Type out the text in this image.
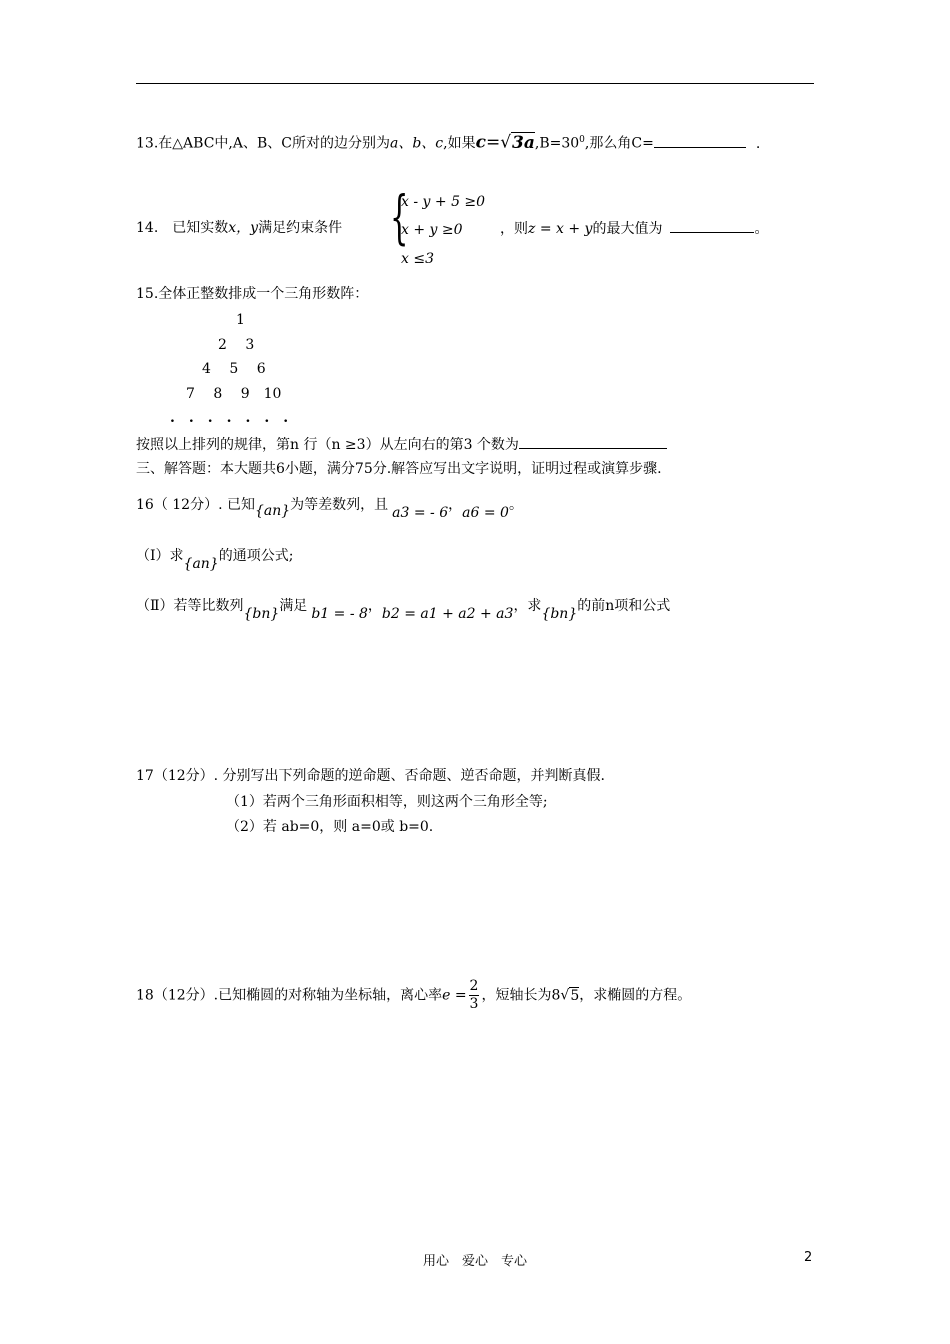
13.在△ABC中,A、B、C所对的边分别为a、b、c,如果$c=√3a,B=30^0$,那么角C=	.
14.　已知实数x，y满足约束条件 {
x - y + 5 ≥0
x + y ≥0
x ≤3
，则z = x + y的最大值为	。
15.全体正整数排成一个三角形数阵：
1
2　 3
4　 5　 6
7　 8　 9　10
.　.　.　.　.　.　.
按照以上排列的规律，第n 行（n ≥3）从左向右的第3 个数为
三、解答题：本大题共6小题，满分75分.解答应写出文字说明，证明过程或演算步骤.
16（ 12分）. 已知{an}为等差数列，且 a3 = - 6，a6 = 0。
（Ⅰ）求{an}的通项公式;
（Ⅱ）若等比数列{bn}满足 b1 = - 8，b2 = a1 + a2 + a3，求{bn}的前n项和公式
17（12分）. 分别写出下列命题的逆命题、否命题、逆否命题，并判断真假.
（1）若两个三角形面积相等，则这两个三角形全等;
（2）若 ab=0，则 a=0或 b=0.
18（12分）.已知椭圆的对称轴为坐标轴，离心率$e = \frac{2}{3}$ ，短轴长为8√5，求椭圆的方程。
用心　爱心　专心	2
